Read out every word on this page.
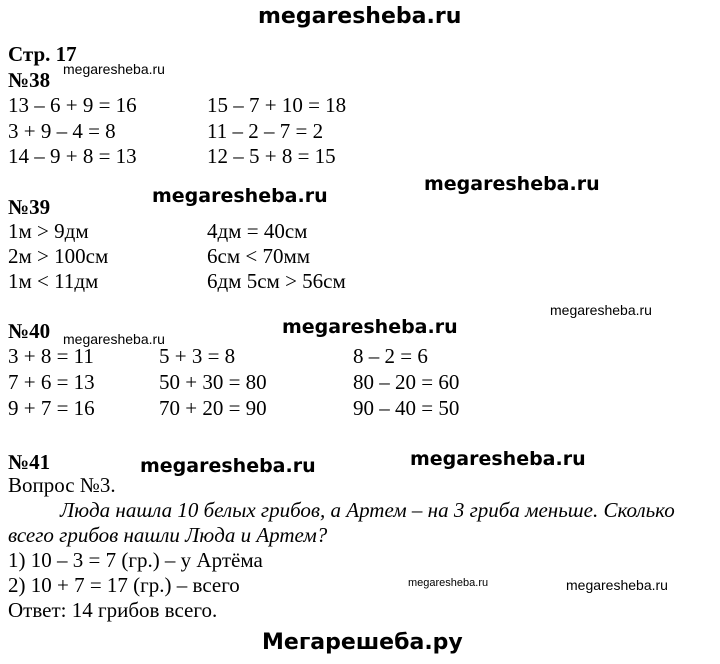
megaresheba.ru
Мегарешеба.ру
megaresheba.ru
megaresheba.ru
megaresheba.ru
megaresheba.ru
megaresheba.ru
megaresheba.ru
megaresheba.ru	megaresheba.ru
megaresheba.ru	megaresheba.ru
Стр. 17
№38
13 – 6 + 9 = 16
3 + 9 – 4 = 8
14 – 9 + 8 = 13
15 – 7 + 10 = 18
11 – 2 – 7 = 2
12 – 5 + 8 = 15
№39
1м > 9дм
2м > 100см
1м < 11дм
4дм = 40см
6см < 70мм
6дм 5см > 56см
№40
3 + 8 = 11
7 + 6 = 13
9 + 7 = 16
5 + 3 = 8
50 + 30 = 80
70 + 20 = 90
8 – 2 = 6
80 – 20 = 60
90 – 40 = 50
№41
Вопрос №3.
Люда нашла 10 белых грибов, а Артем – на 3 гриба меньше. Сколько
всего грибов нашли Люда и Артем?
1) 10 – 3 = 7 (гр.) – у Артёма
2) 10 + 7 = 17 (гр.) – всего
Ответ: 14 грибов всего.
